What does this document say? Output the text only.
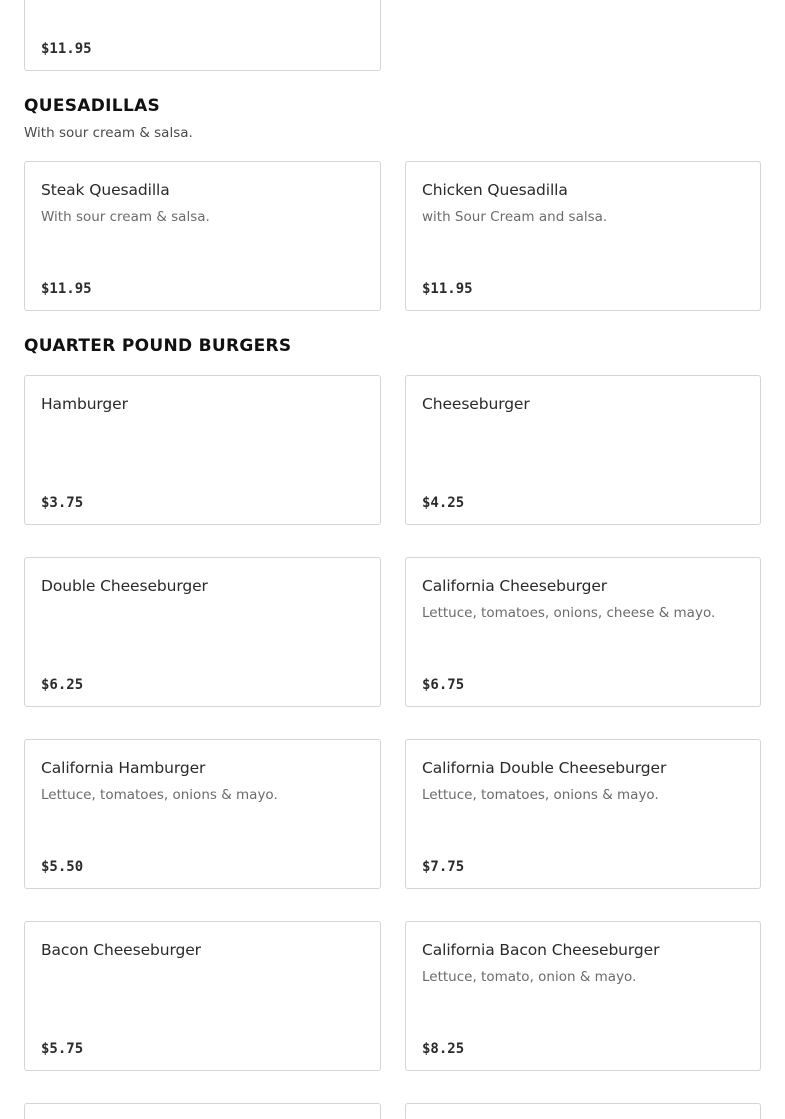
$11.95
QUESADILLAS

With sour cream & salsa.

Steak Quesadilla
With sour cream & salsa.
$11.95
Chicken Quesadilla
with Sour Cream and salsa.
$11.95
QUARTER POUND BURGERS
Hamburger
$3.75
Cheeseburger
$4.25
Double Cheeseburger
$6.25
California Cheeseburger
Lettuce, tomatoes, onions, cheese & mayo.
$6.75
California Hamburger
Lettuce, tomatoes, onions & mayo.
$5.50
California Double Cheeseburger
Lettuce, tomatoes, onions & mayo.
$7.75
Bacon Cheeseburger
$5.75
California Bacon Cheeseburger
Lettuce, tomato, onion & mayo.
$8.25
